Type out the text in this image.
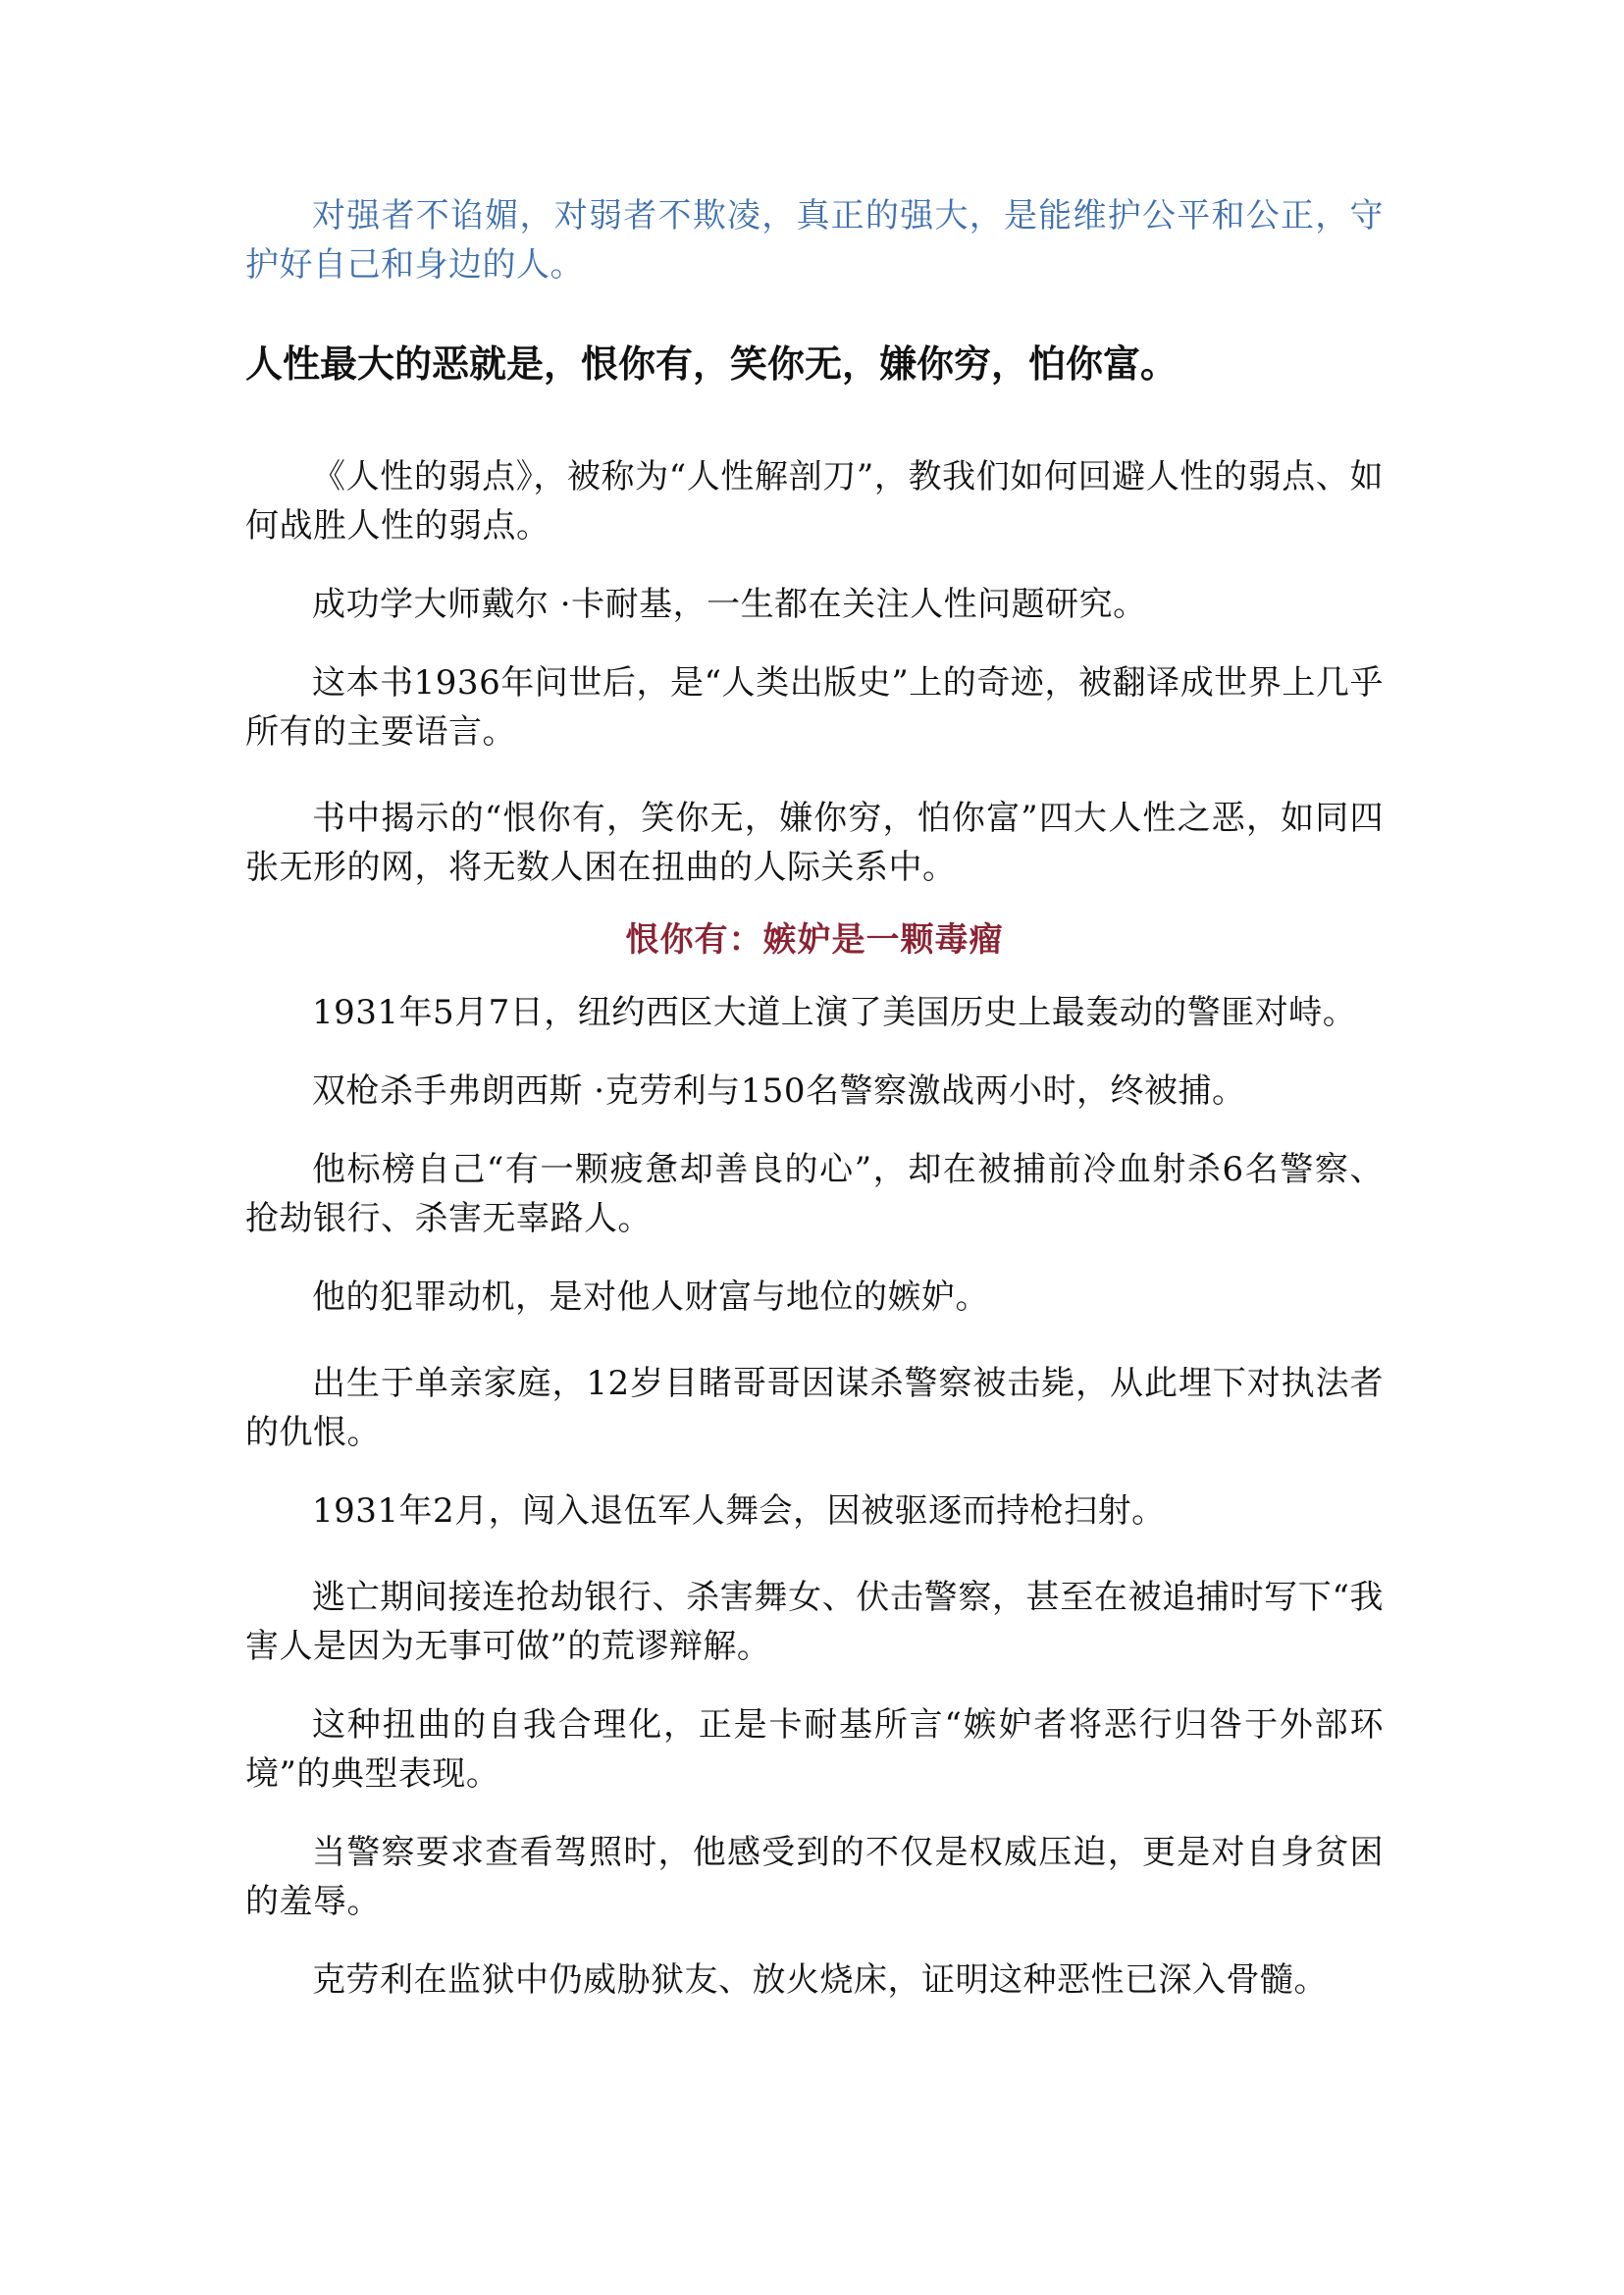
对强者不谄媚，对弱者不欺凌，真正的强大，是能维护公平和公正，守护好自己和身边的人。

人性最大的恶就是，恨你有，笑你无，嫌你穷，怕你富。

《人性的弱点》，被称为“人性解剖刀”，教我们如何回避人性的弱点、如何战胜人性的弱点。

成功学大师戴尔 ·卡耐基，一生都在关注人性问题研究。

这本书1936年问世后，是“人类出版史”上的奇迹，被翻译成世界上几乎所有的主要语言。

书中揭示的“恨你有，笑你无，嫌你穷，怕你富”四大人性之恶，如同四张无形的网，将无数人困在扭曲的人际关系中。

恨你有：嫉妒是一颗毒瘤

1931年5月7日，纽约西区大道上演了美国历史上最轰动的警匪对峙。

双枪杀手弗朗西斯 ·克劳利与150名警察激战两小时，终被捕。

他标榜自己“有一颗疲惫却善良的心”，却在被捕前冷血射杀6名警察、抢劫银行、杀害无辜路人。

他的犯罪动机，是对他人财富与地位的嫉妒。

出生于单亲家庭，12岁目睹哥哥因谋杀警察被击毙，从此埋下对执法者的仇恨。

1931年2月，闯入退伍军人舞会，因被驱逐而持枪扫射。

逃亡期间接连抢劫银行、杀害舞女、伏击警察，甚至在被追捕时写下“我害人是因为无事可做”的荒谬辩解。

这种扭曲的自我合理化，正是卡耐基所言“嫉妒者将恶行归咎于外部环境”的典型表现。

当警察要求查看驾照时，他感受到的不仅是权威压迫，更是对自身贫困的羞辱。

克劳利在监狱中仍威胁狱友、放火烧床，证明这种恶性已深入骨髓。
